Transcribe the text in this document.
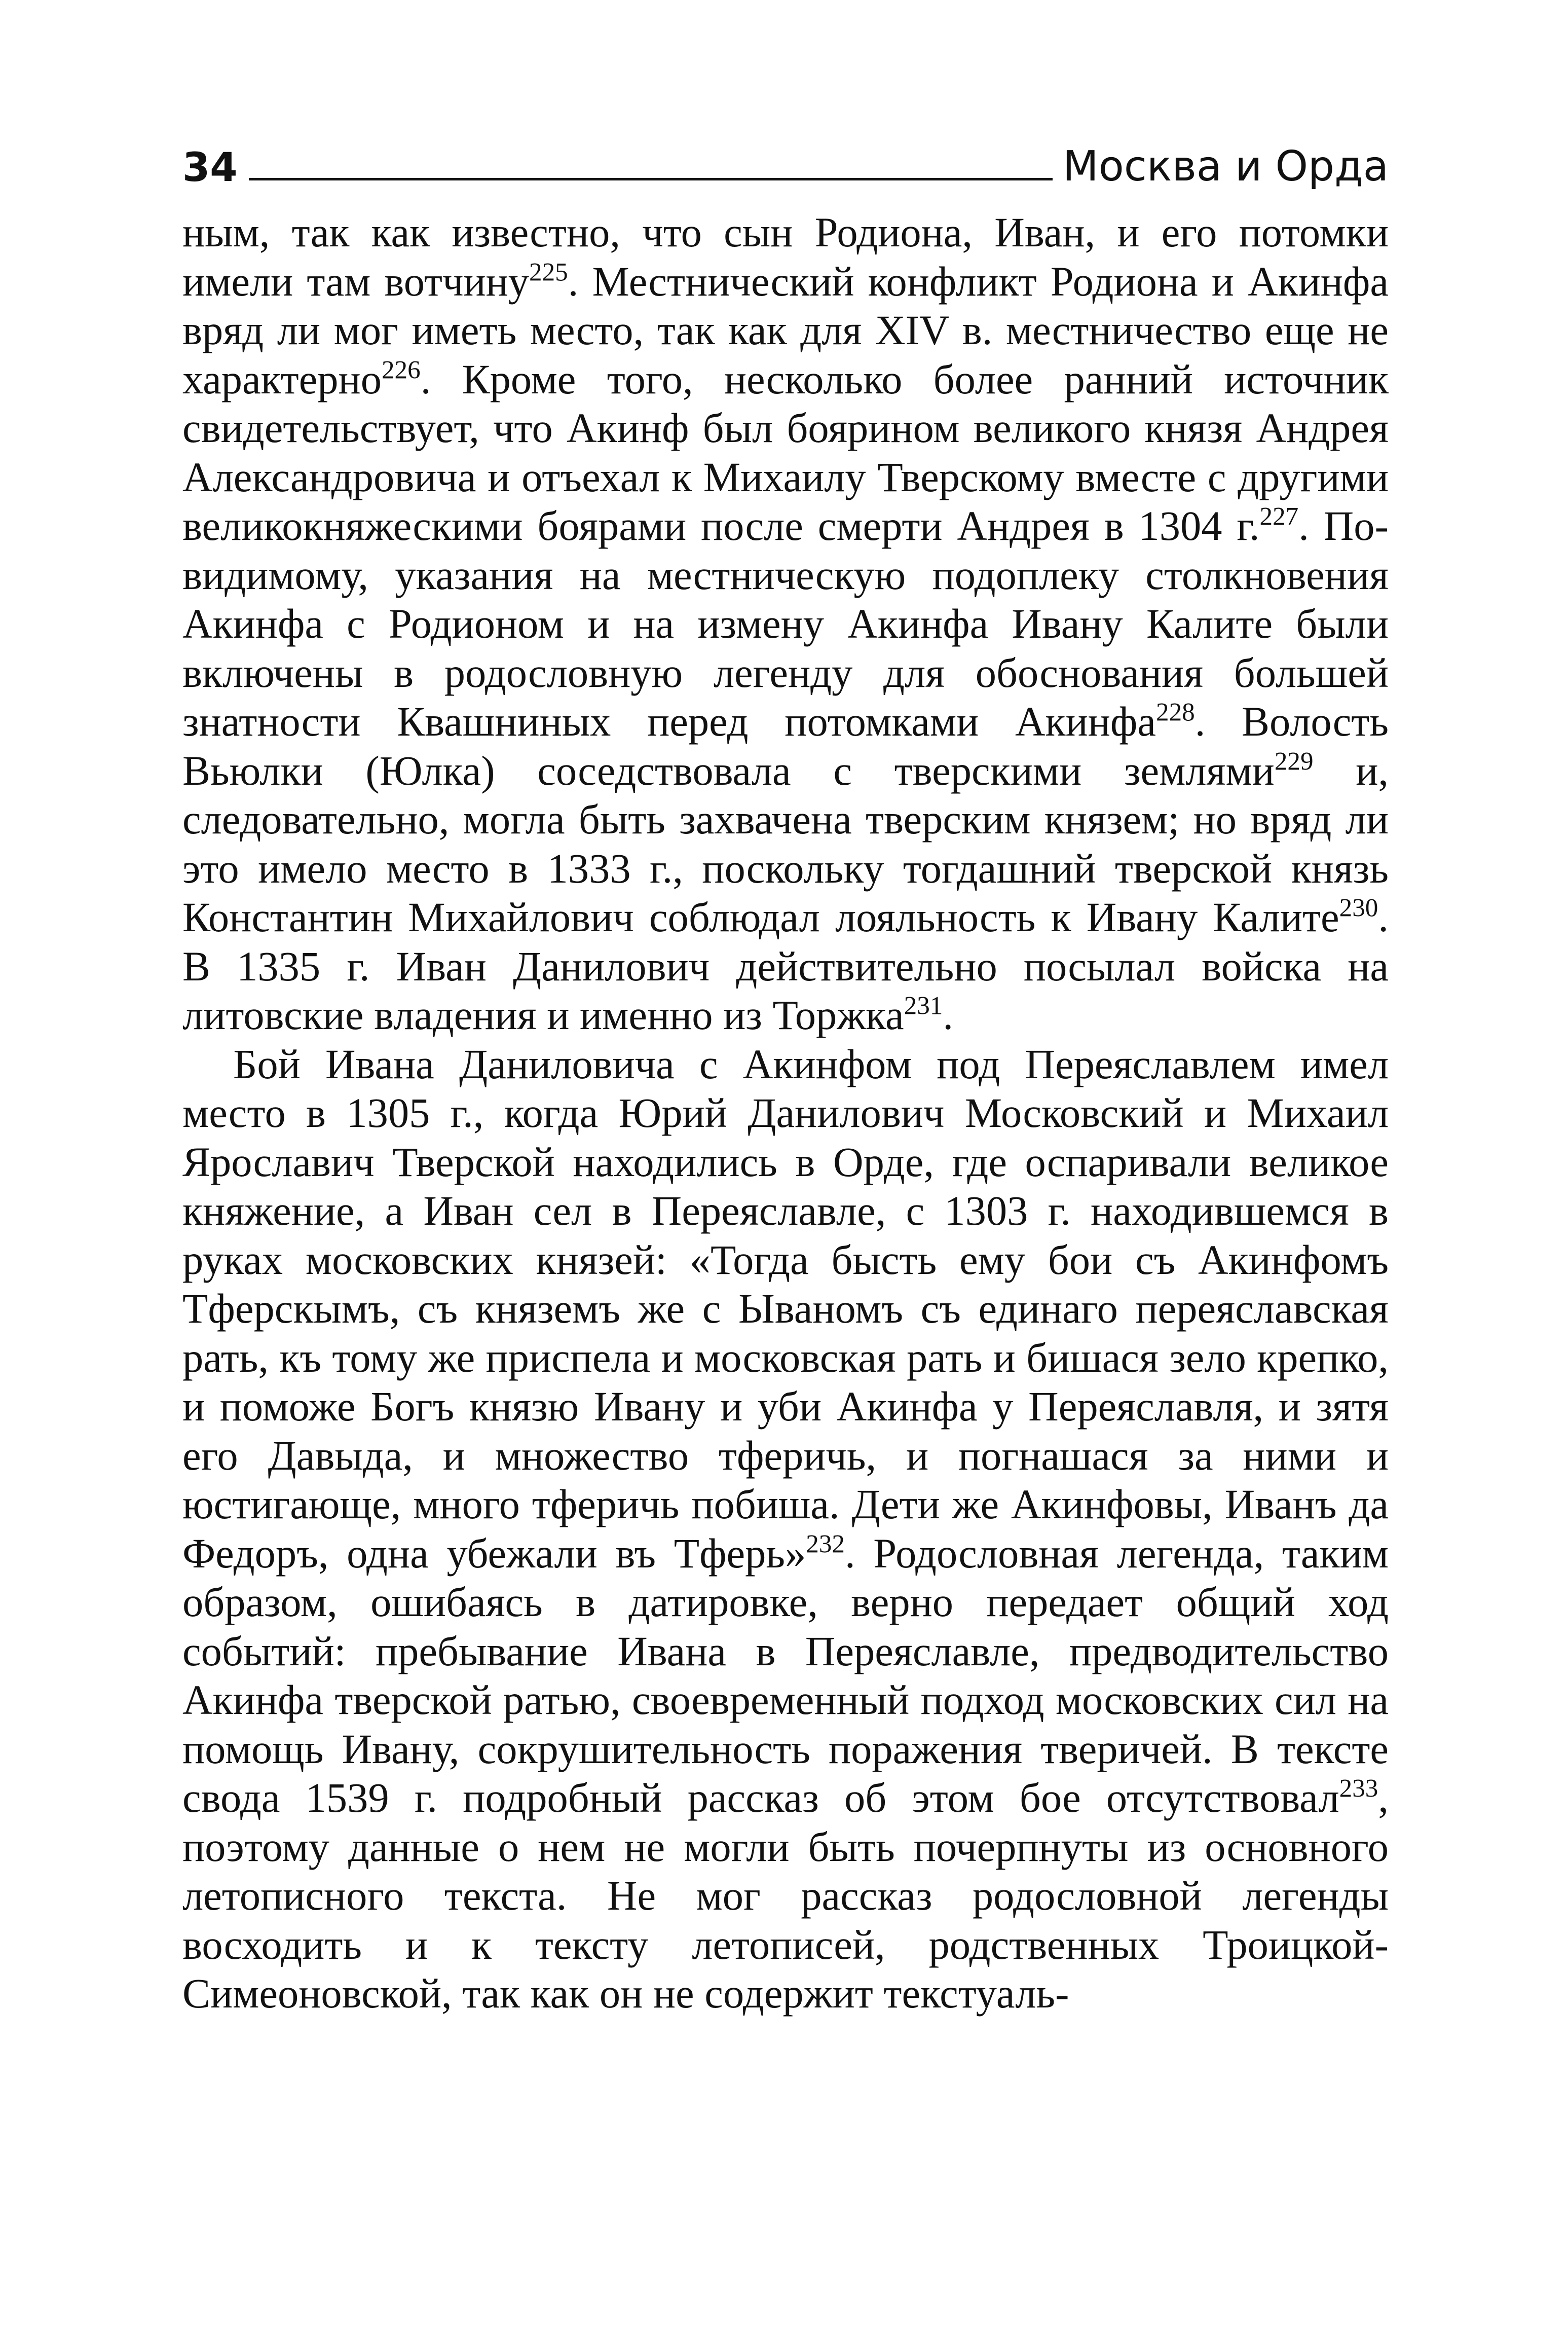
34	Москва и Орда

ным, так как известно, что сын Родиона, Иван, и его потомки имели там вотчину$^{225}$. Местнический конфликт Родиона и Акинфа вряд ли мог иметь место, так как для XIV в. местничество еще не характерно$^{226}$. Кроме того, несколько более ранний источник свидетельствует, что Акинф был боярином великого князя Андрея Александровича и отъехал к Михаилу Тверскому вместе с другими великокняжескими боярами после смерти Андрея в 1304 г.$^{227}$. По-видимому, указания на местническую подоплеку столкновения Акинфа с Родионом и на измену Акинфа Ивану Калите были включены в родословную легенду для обоснования большей знатности Квашниных перед потомками Акинфа$^{228}$. Волость Вьюлки (Юлка) соседствовала с тверскими землями$^{229}$ и, следовательно, могла быть захвачена тверским князем; но вряд ли это имело место в 1333 г., поскольку тогдашний тверской князь Константин Михайлович соблюдал лояльность к Ивану Калите$^{230}$. В 1335 г. Иван Данилович действительно посылал войска на литовские владения и именно из Торжка$^{231}$.

Бой Ивана Даниловича с Акинфом под Переяславлем имел место в 1305 г., когда Юрий Данилович Московский и Михаил Ярославич Тверской находились в Орде, где оспаривали великое княжение, а Иван сел в Переяславле, с 1303 г. находившемся в руках московских князей: «Тогда бысть ему бои съ Акинфомъ Тферскымъ, съ княземъ же с Ываномъ съ единаго переяславская рать, къ тому же приспела и московская рать и бишася зело крепко, и поможе Богъ князю Ивану и уби Акинфа у Переяславля, и зятя его Давыда, и множество тферичь, и погнашася за ними и юстигающе, много тферичь побиша. Дети же Акинфовы, Иванъ да Федоръ, одна убежали въ Тферь»$^{232}$. Родословная легенда, таким образом, ошибаясь в датировке, верно передает общий ход событий: пребывание Ивана в Переяславле, предводительство Акинфа тверской ратью, своевременный подход московских сил на помощь Ивану, сокрушительность поражения тверичей. В тексте свода 1539 г. подробный рассказ об этом бое отсутствовал$^{233}$, поэтому данные о нем не могли быть почерпнуты из основного летописного текста. Не мог рассказ родословной легенды восходить и к тексту летописей, родственных Троицкой-Симеоновской, так как он не содержит текстуаль-
